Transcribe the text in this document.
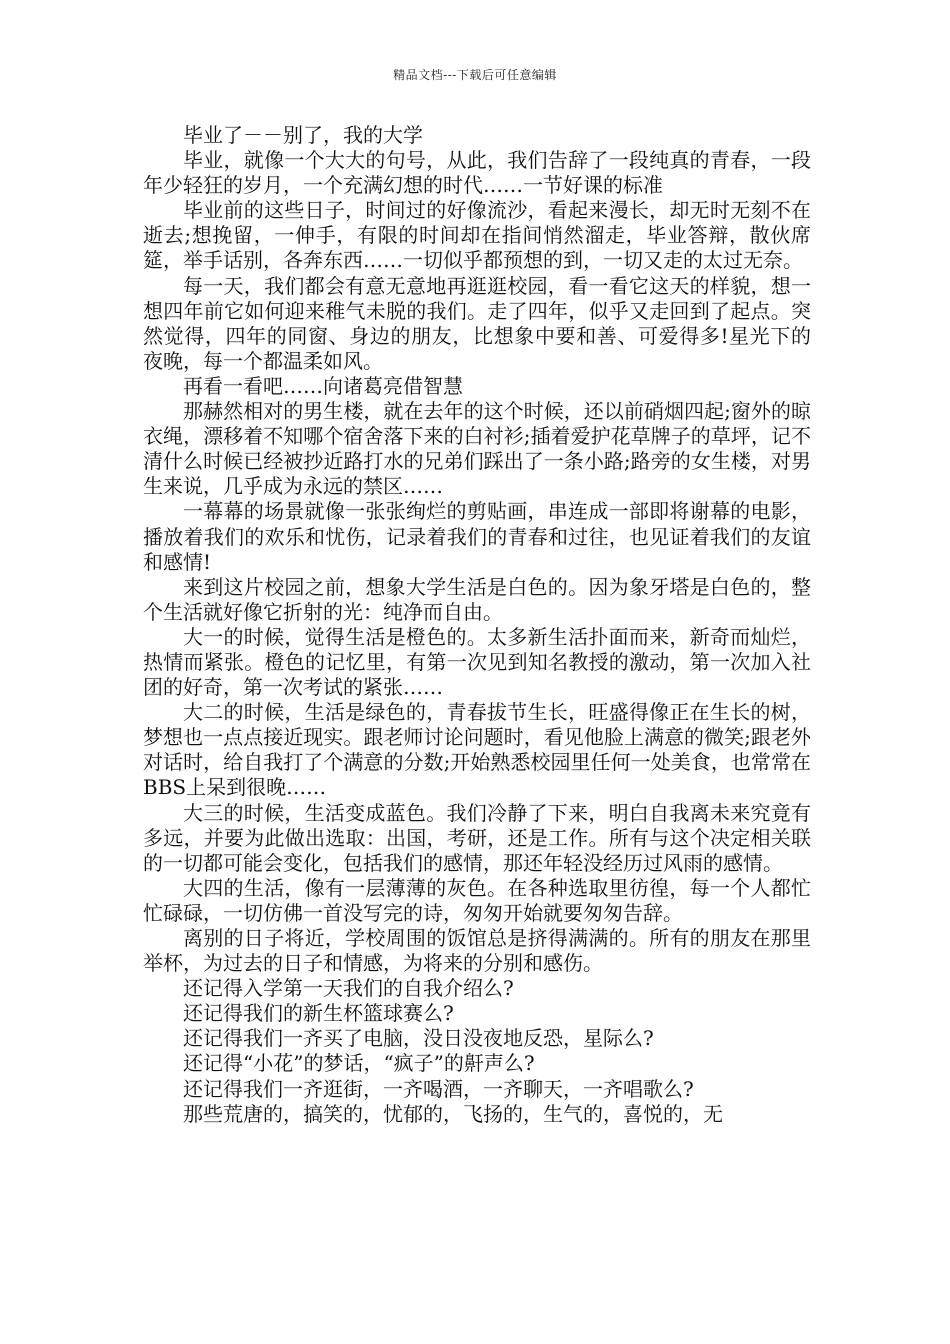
精品文档---下载后可任意编辑

毕业了－－别了，我的大学

毕业，就像一个大大的句号，从此，我们告辞了一段纯真的青春，一段年少轻狂的岁月，一个充满幻想的时代……一节好课的标准

毕业前的这些日子，时间过的好像流沙，看起来漫长，却无时无刻不在逝去;想挽留，一伸手，有限的时间却在指间悄然溜走，毕业答辩，散伙席筵，举手话别，各奔东西……一切似乎都预想的到，一切又走的太过无奈。

每一天，我们都会有意无意地再逛逛校园，看一看它这天的样貌，想一想四年前它如何迎来稚气未脱的我们。走了四年，似乎又走回到了起点。突然觉得，四年的同窗、身边的朋友，比想象中要和善、可爱得多!星光下的夜晚，每一个都温柔如风。

再看一看吧……向诸葛亮借智慧

那赫然相对的男生楼，就在去年的这个时候，还以前硝烟四起;窗外的晾衣绳，漂移着不知哪个宿舍落下来的白衬衫;插着爱护花草牌子的草坪，记不清什么时候已经被抄近路打水的兄弟们踩出了一条小路;路旁的女生楼，对男生来说，几乎成为永远的禁区……

一幕幕的场景就像一张张绚烂的剪贴画，串连成一部即将谢幕的电影，播放着我们的欢乐和忧伤，记录着我们的青春和过往，也见证着我们的友谊和感情!

来到这片校园之前，想象大学生活是白色的。因为象牙塔是白色的，整个生活就好像它折射的光：纯净而自由。

大一的时候，觉得生活是橙色的。太多新生活扑面而来，新奇而灿烂，热情而紧张。橙色的记忆里，有第一次见到知名教授的激动，第一次加入社团的好奇，第一次考试的紧张……

大二的时候，生活是绿色的，青春拔节生长，旺盛得像正在生长的树，梦想也一点点接近现实。跟老师讨论问题时，看见他脸上满意的微笑;跟老外对话时，给自我打了个满意的分数;开始熟悉校园里任何一处美食，也常常在BBS上呆到很晚……

大三的时候，生活变成蓝色。我们冷静了下来，明白自我离未来究竟有多远，并要为此做出选取：出国，考研，还是工作。所有与这个决定相关联的一切都可能会变化，包括我们的感情，那还年轻没经历过风雨的感情。

大四的生活，像有一层薄薄的灰色。在各种选取里彷徨，每一个人都忙忙碌碌，一切仿佛一首没写完的诗，匆匆开始就要匆匆告辞。

离别的日子将近，学校周围的饭馆总是挤得满满的。所有的朋友在那里举杯，为过去的日子和情感，为将来的分别和感伤。

还记得入学第一天我们的自我介绍么?

还记得我们的新生杯篮球赛么?

还记得我们一齐买了电脑，没日没夜地反恐，星际么?

还记得“小花”的梦话，“疯子”的鼾声么?

还记得我们一齐逛街，一齐喝酒，一齐聊天，一齐唱歌么?

那些荒唐的，搞笑的，忧郁的，飞扬的，生气的，喜悦的，无
